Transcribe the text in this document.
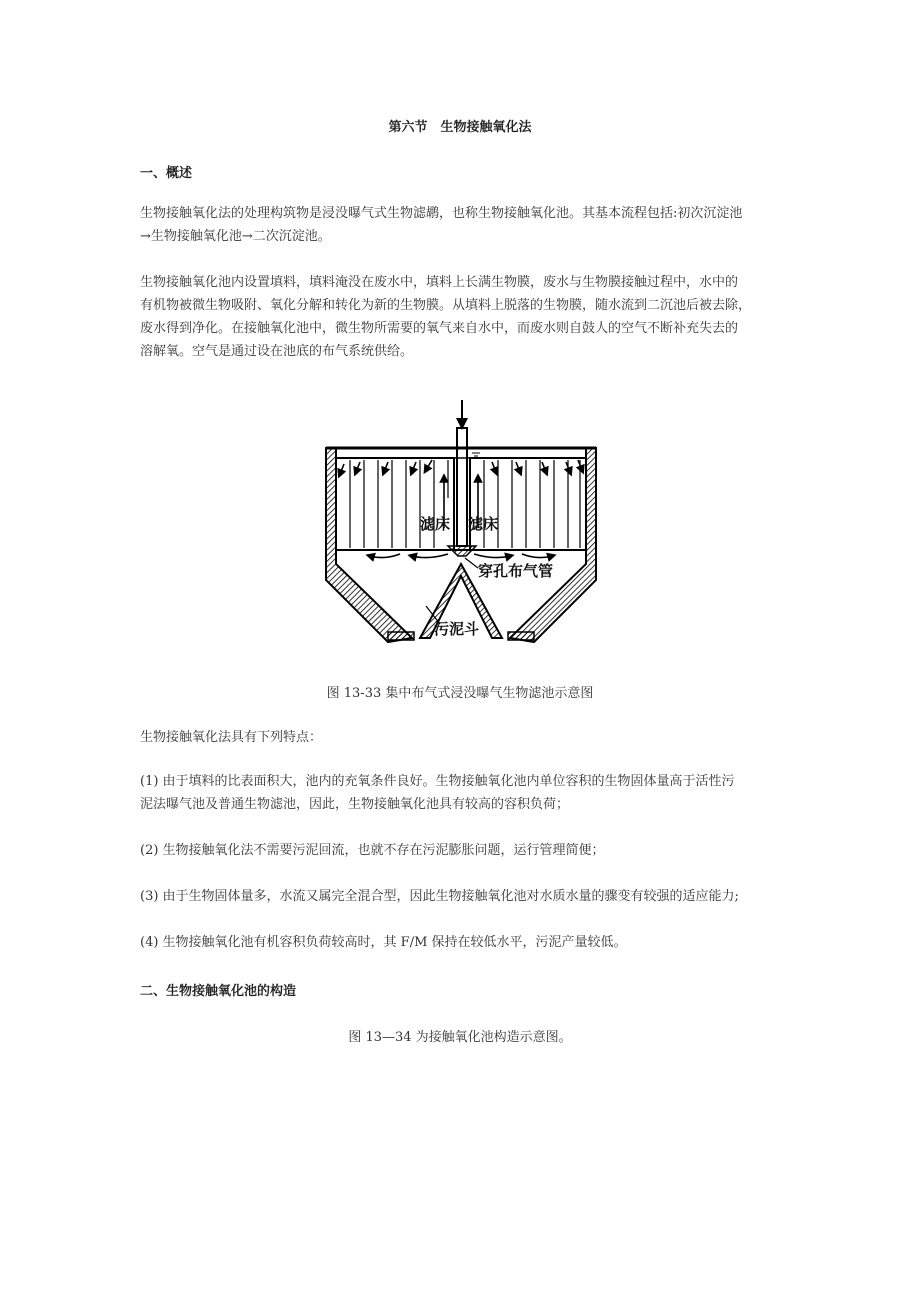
第六节　生物接触氧化法
一、概述

生物接触氧化法的处理构筑物是浸没曝气式生物滤鹕，也称生物接触氧化池。其基本流程包括:初次沉淀池
→生物接触氧化池→二次沉淀池。

生物接触氧化池内设置填料，填料淹没在废水中，填料上长满生物膜，废水与生物膜接触过程中，水中的
有机物被微生物吸附、氧化分解和转化为新的生物膜。从填料上脱落的生物膜，随水流到二沉池后被去除，
废水得到净化。在接触氧化池中，微生物所需要的氧气来自水中，而废水则自鼓人的空气不断补充失去的
溶解氧。空气是通过设在池底的布气系统供给。

滤床 滤床
穿孔布气管
污泥斗
图 13-33 集中布气式浸没曝气生物滤池示意图

生物接触氧化法具有下列特点：

(1) 由于填料的比表面积大，池内的充氧条件良好。生物接触氧化池内单位容积的生物固体量高于活性污
泥法曝气池及普通生物滤池，因此，生物接触氧化池具有较高的容积负荷；

(2) 生物接触氧化法不需要污泥回流，也就不存在污泥膨胀问题，运行管理简便；

(3) 由于生物固体量多，水流又属完全混合型，因此生物接触氧化池对水质水量的骤变有较强的适应能力;

(4) 生物接触氧化池有机容积负荷较高时，其 F/M 保持在较低水平，污泥产量较低。

二、生物接触氧化池的构造
图 13—34 为接触氧化池构造示意图。
